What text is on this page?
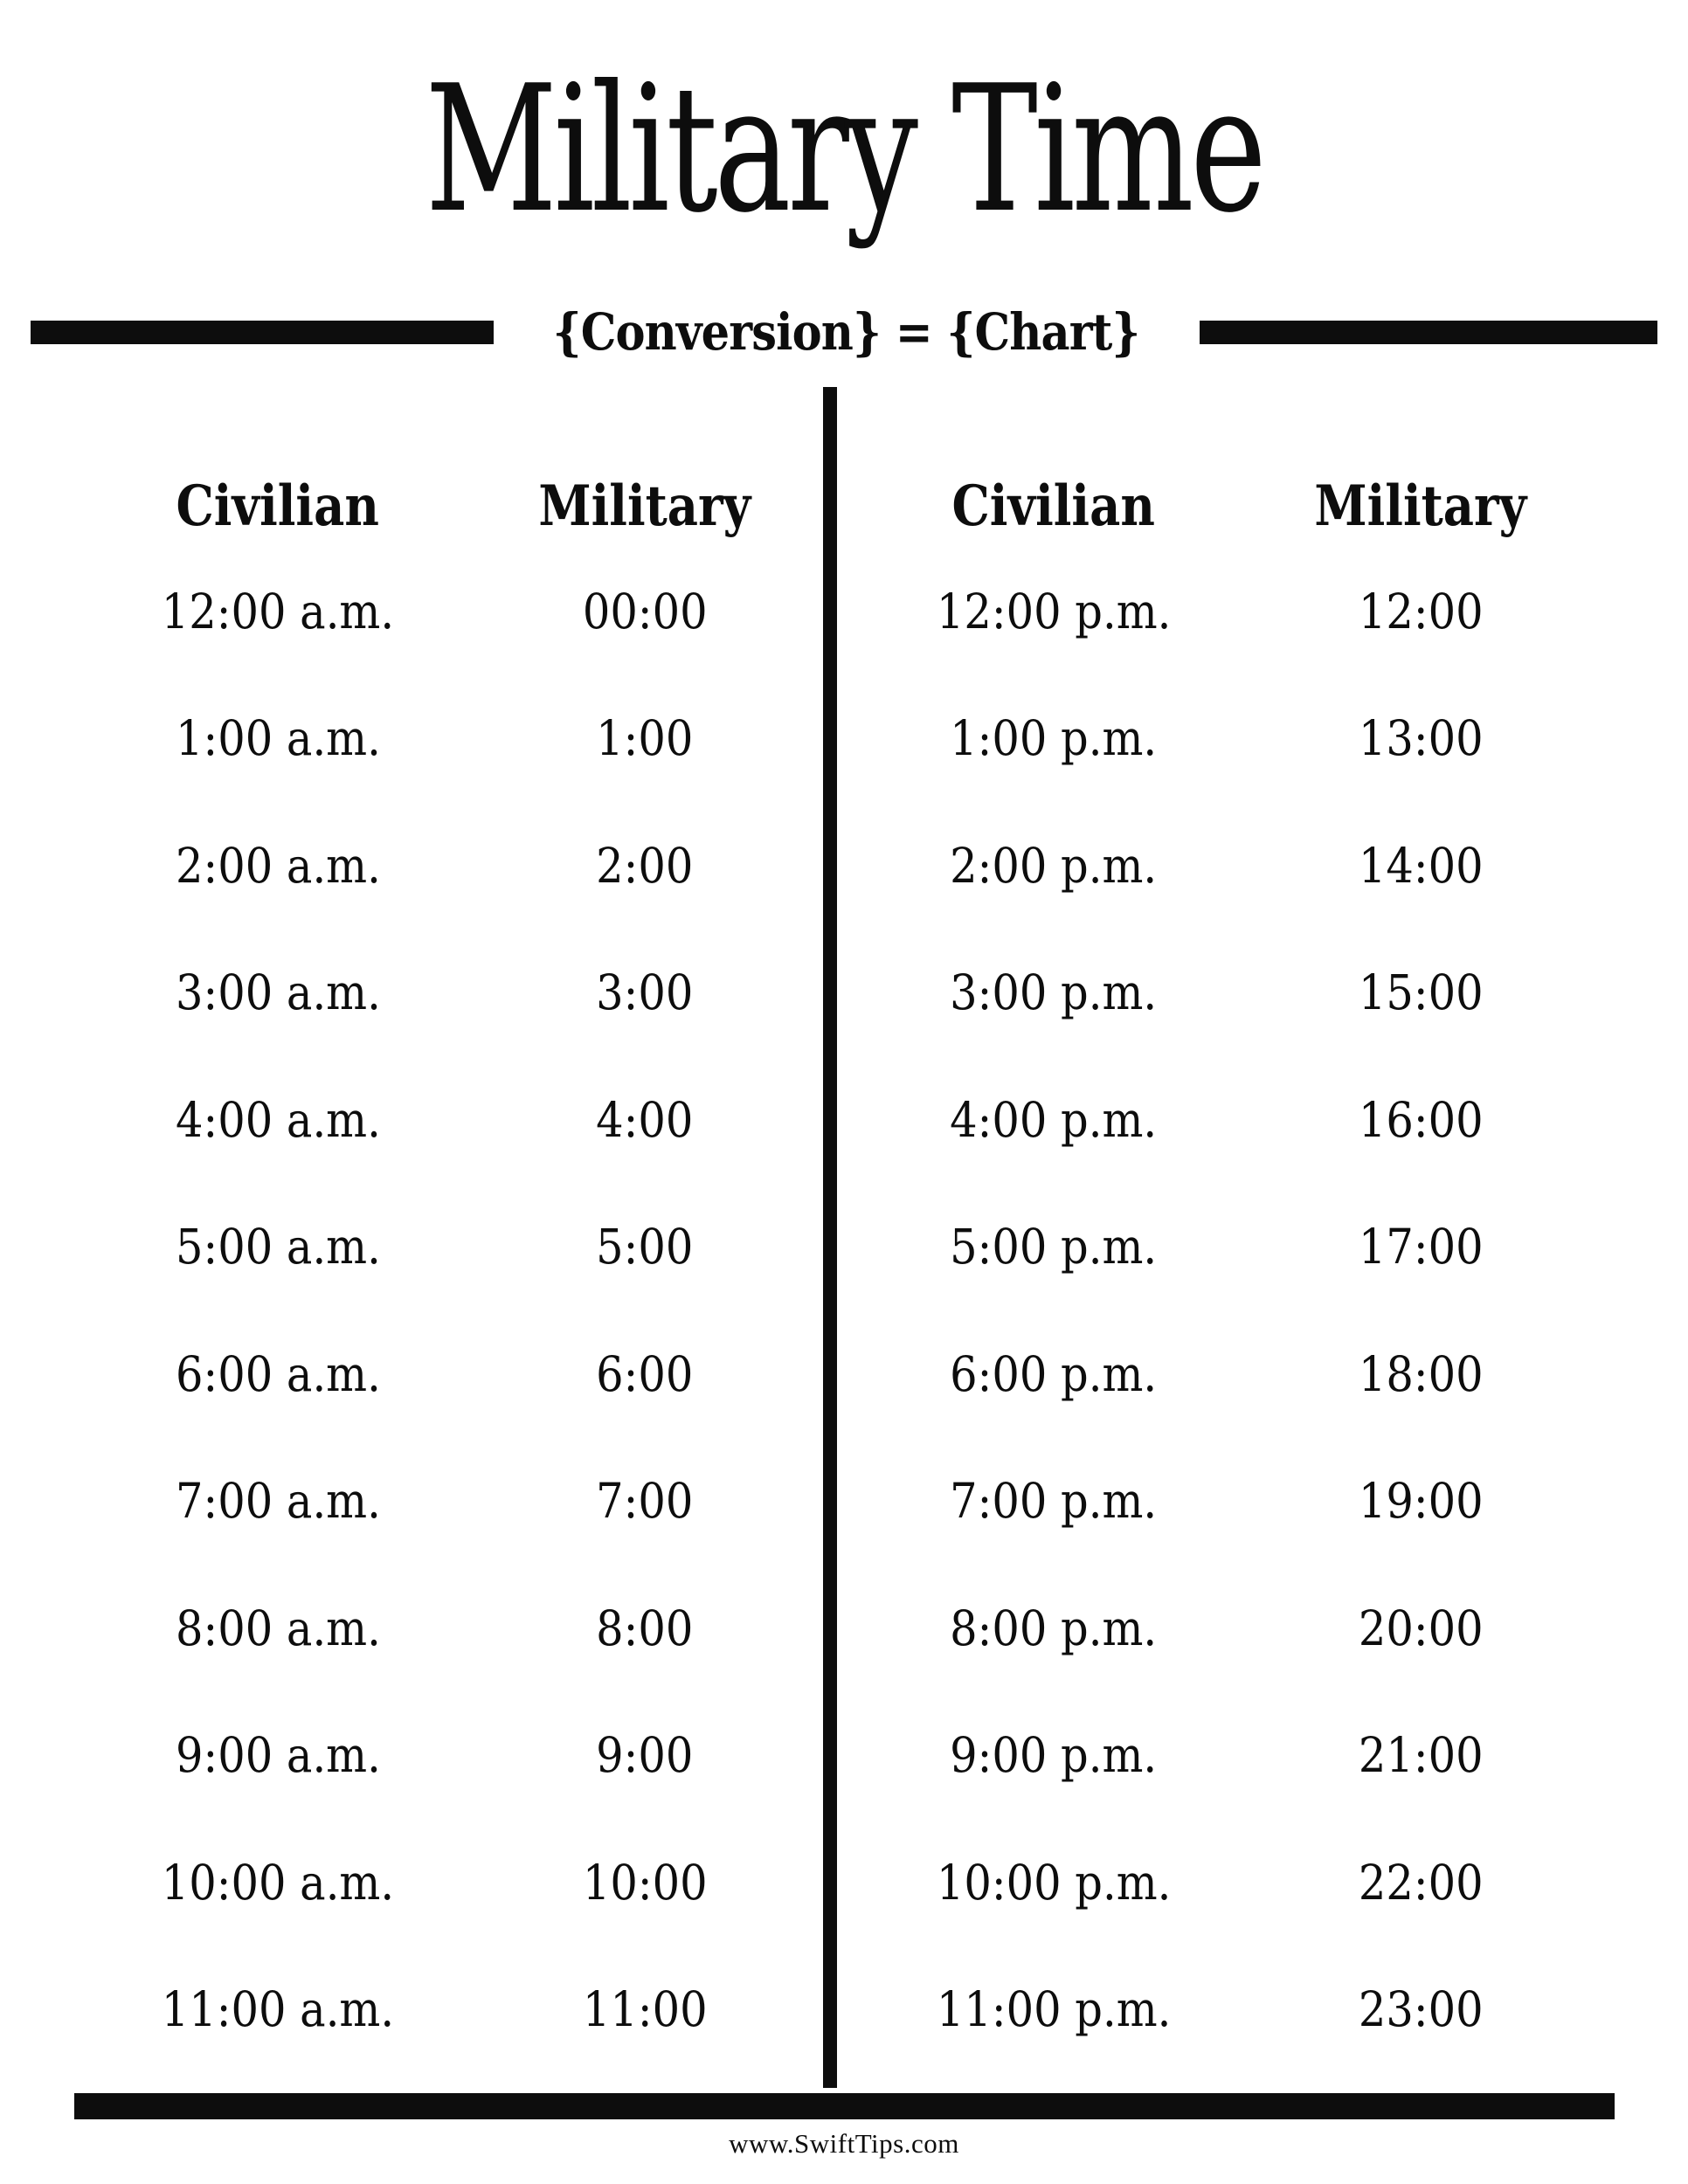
Military Time
{Conversion} = {Chart}
Civilian	Military
12:00 a.m.	00:00
1:00 a.m.	1:00
2:00 a.m.	2:00
3:00 a.m.	3:00
4:00 a.m.	4:00
5:00 a.m.	5:00
6:00 a.m.	6:00
7:00 a.m.	7:00
8:00 a.m.	8:00
9:00 a.m.	9:00
10:00 a.m.	10:00
11:00 a.m.	11:00
Civilian	Military
12:00 p.m.	12:00
1:00 p.m.	13:00
2:00 p.m.	14:00
3:00 p.m.	15:00
4:00 p.m.	16:00
5:00 p.m.	17:00
6:00 p.m.	18:00
7:00 p.m.	19:00
8:00 p.m.	20:00
9:00 p.m.	21:00
10:00 p.m.	22:00
11:00 p.m.	23:00
www.SwiftTips.com
